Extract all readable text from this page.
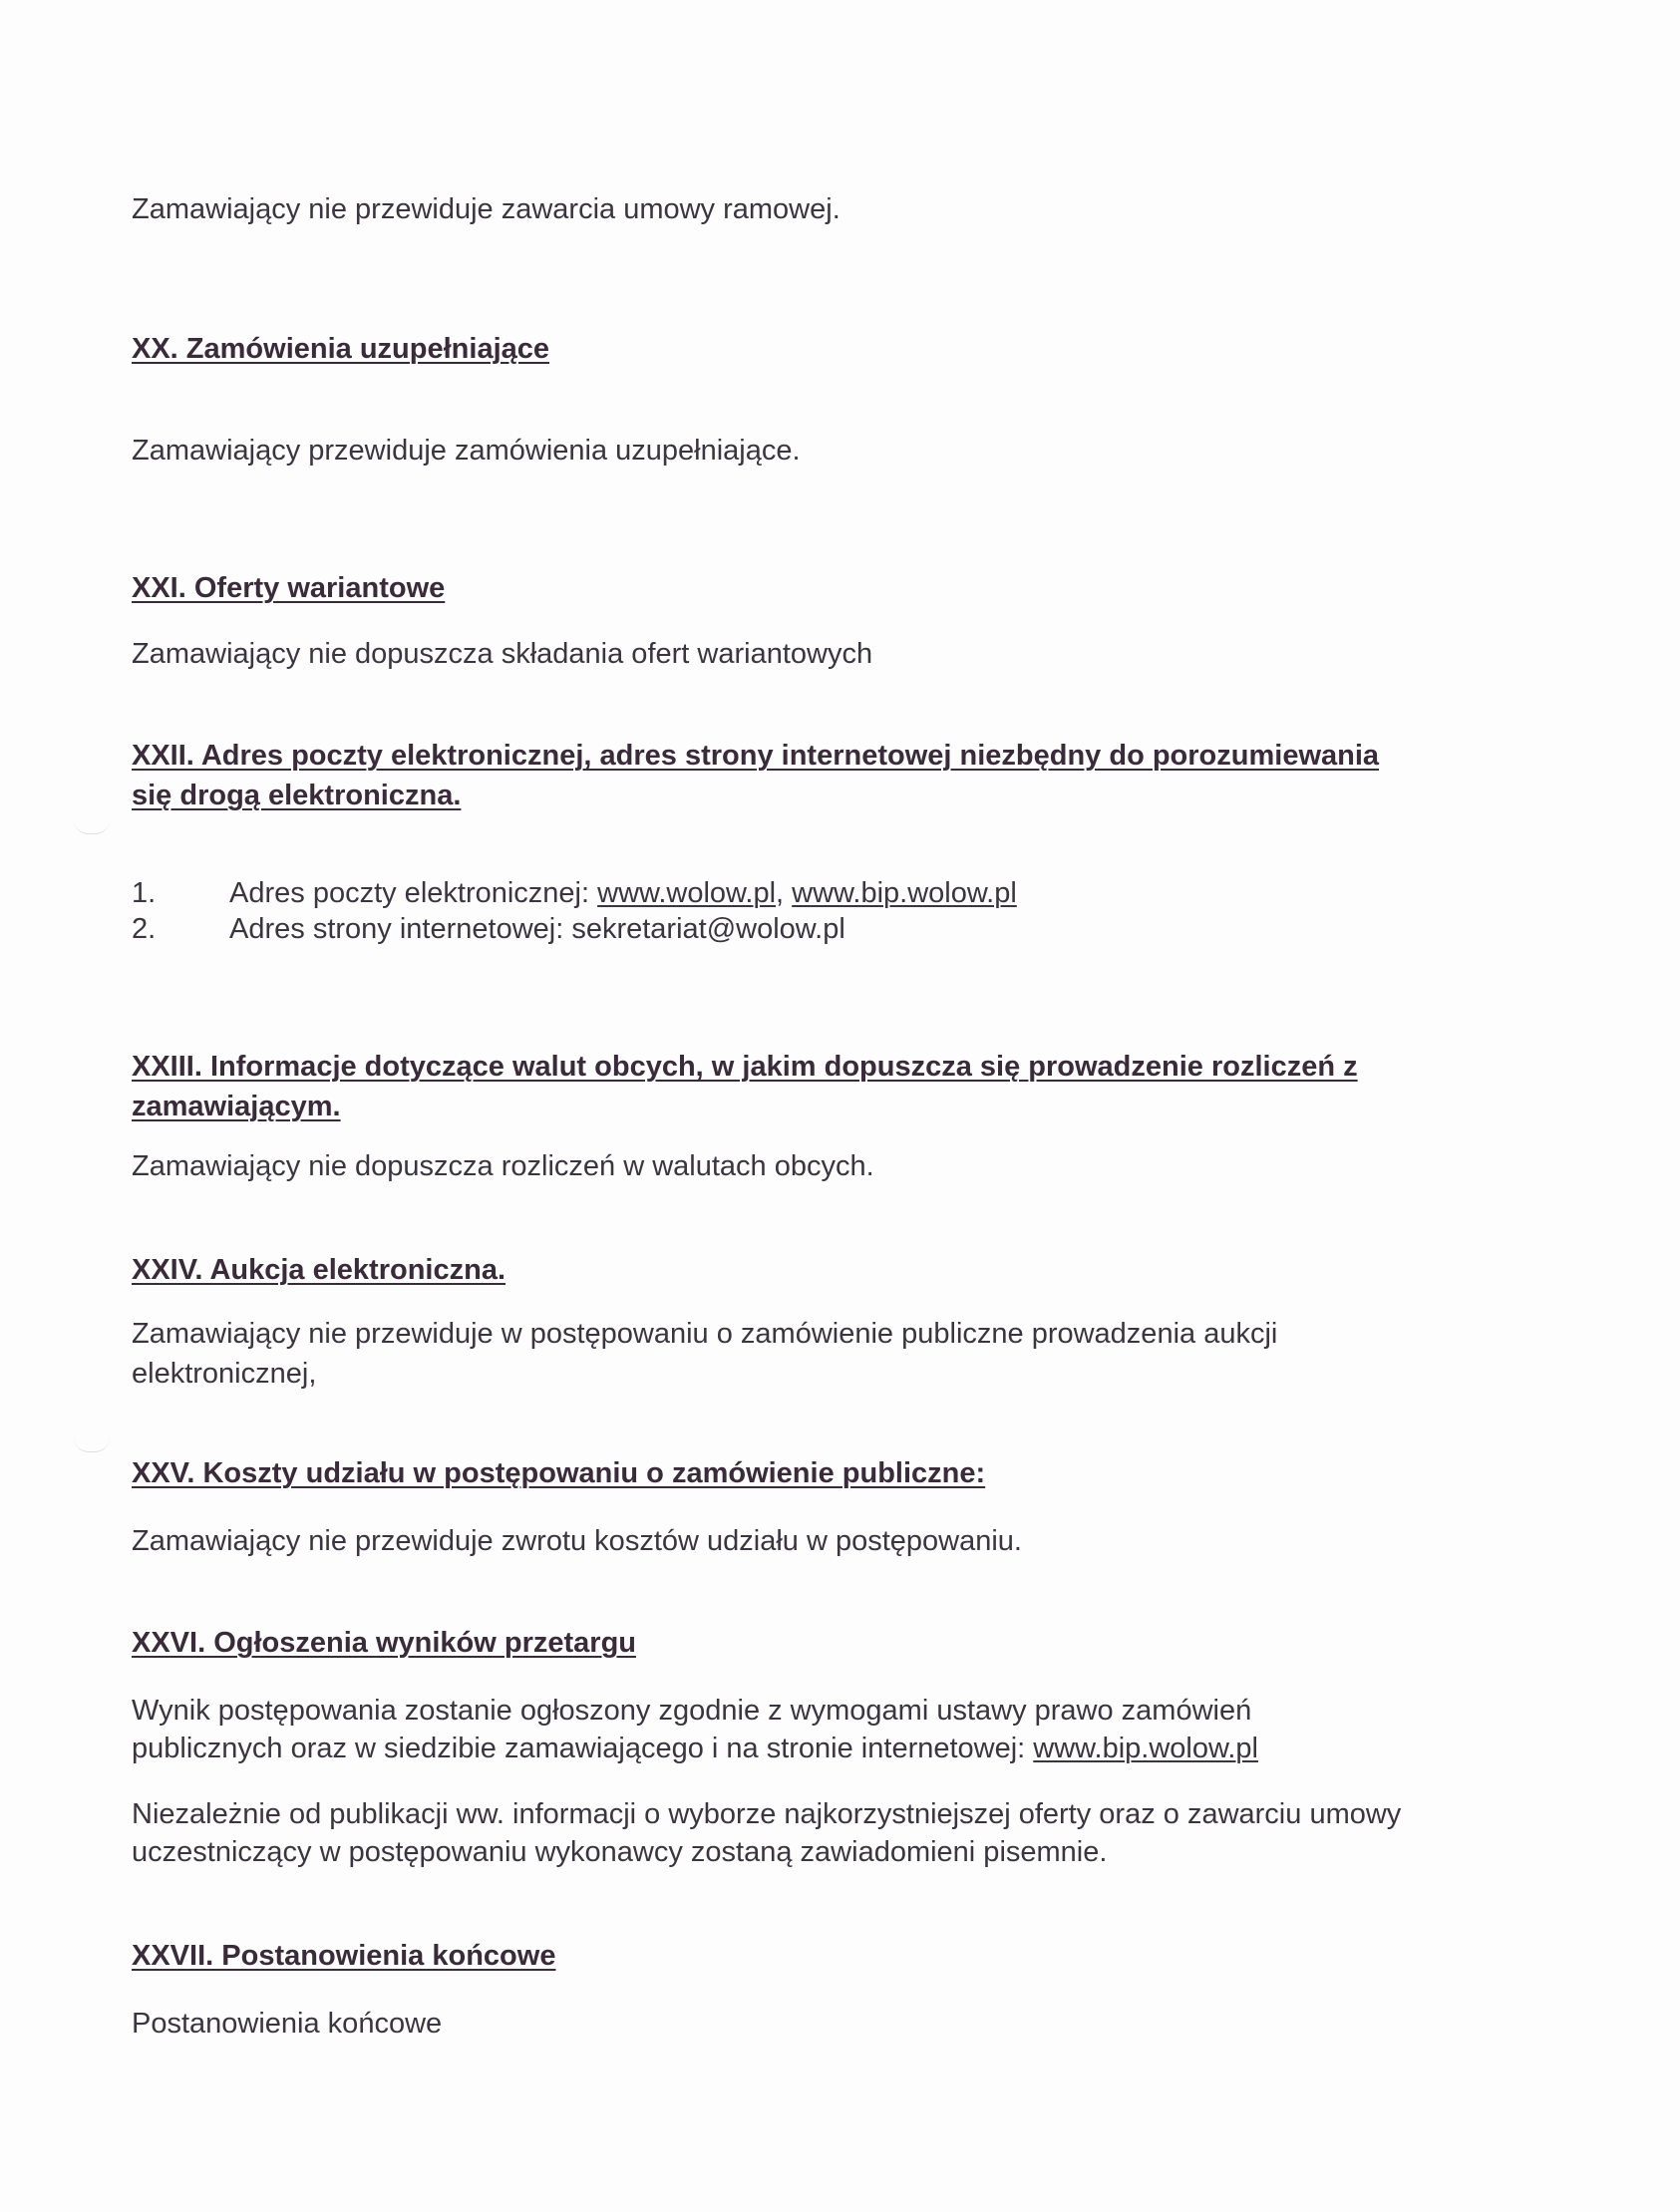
Zamawiający nie przewiduje zawarcia umowy ramowej.
XX. Zamówienia uzupełniające
Zamawiający przewiduje zamówienia uzupełniające.
XXI. Oferty wariantowe
Zamawiający nie dopuszcza składania ofert wariantowych
XXII. Adres poczty elektronicznej, adres strony internetowej niezbędny do porozumiewania
się drogą elektroniczna.
1.	Adres poczty elektronicznej: www.wolow.pl, www.bip.wolow.pl
2.	Adres strony internetowej: sekretariat@wolow.pl
XXIII. Informacje dotyczące walut obcych, w jakim dopuszcza się prowadzenie rozliczeń z
zamawiającym.
Zamawiający nie dopuszcza rozliczeń w walutach obcych.
XXIV. Aukcja elektroniczna.
Zamawiający nie przewiduje w postępowaniu o zamówienie publiczne prowadzenia aukcji
elektronicznej,
XXV. Koszty udziału w postępowaniu o zamówienie publiczne:
Zamawiający nie przewiduje zwrotu kosztów udziału w postępowaniu.
XXVI. Ogłoszenia wyników przetargu
Wynik postępowania zostanie ogłoszony zgodnie z wymogami ustawy prawo zamówień
publicznych oraz w siedzibie zamawiającego i na stronie internetowej: www.bip.wolow.pl
Niezależnie od publikacji ww. informacji o wyborze najkorzystniejszej oferty oraz o zawarciu umowy
uczestniczący w postępowaniu wykonawcy zostaną zawiadomieni pisemnie.
XXVII. Postanowienia końcowe
Postanowienia końcowe
